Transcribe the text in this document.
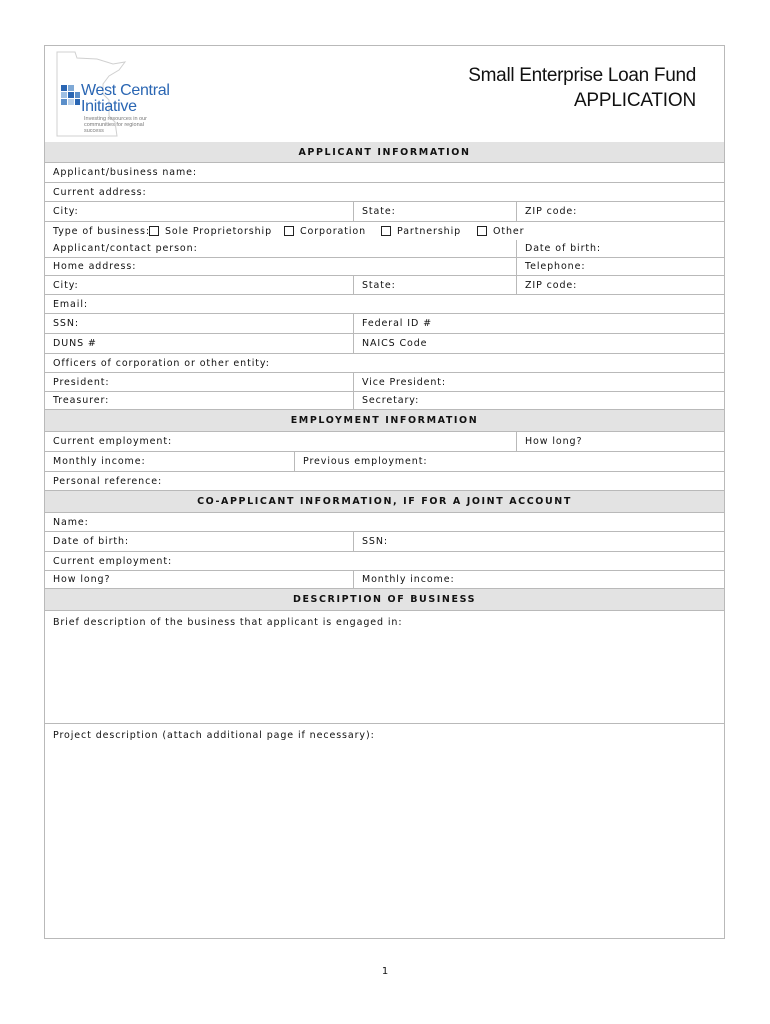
West Central
Initiative
Investing resources in our communities for regional success
Small Enterprise Loan Fund
APPLICATION
APPLICANT INFORMATION
Applicant/business name:
Current address:
City:	State:	ZIP code:
Type of business: Sole Proprietorship	Corporation	Partnership	Other
Applicant/contact person:	Date of birth:
Home address:	Telephone:
City:	State:	ZIP code:
Email:
SSN:	Federal ID #
DUNS #	NAICS Code
Officers of corporation or other entity:
President:	Vice President:
Treasurer:	Secretary:
EMPLOYMENT INFORMATION
Current employment:	How long?
Monthly income:	Previous employment:
Personal reference:
CO-APPLICANT INFORMATION, IF FOR A JOINT ACCOUNT
Name:
Date of birth:	SSN:
Current employment:
How long?	Monthly income:
DESCRIPTION OF BUSINESS
Brief description of the business that applicant is engaged in:
Project description (attach additional page if necessary):
1
